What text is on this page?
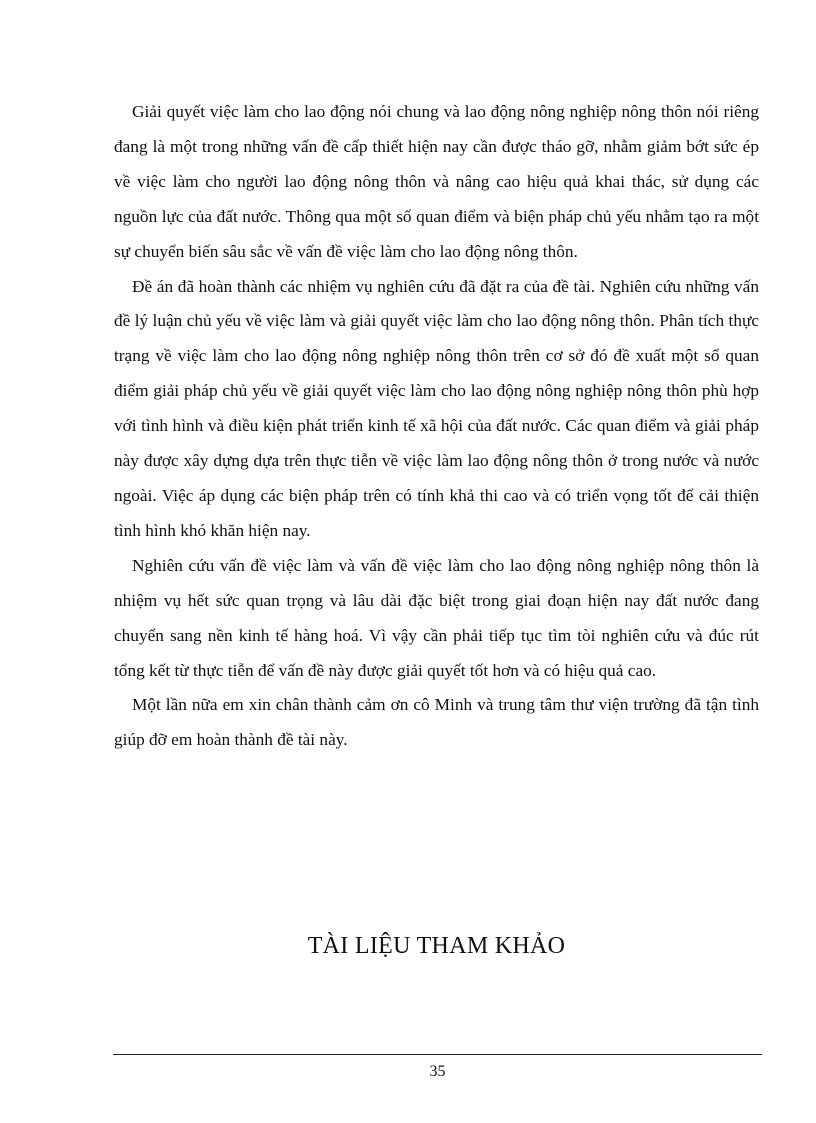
Giải quyết việc làm cho lao động nói chung và lao động nông nghiệp nông thôn nói riêng đang là một trong những vấn đề cấp thiết hiện nay cần được tháo gỡ, nhằm giảm bớt sức ép về việc làm cho người lao động nông thôn và nâng cao hiệu quả khai thác, sử dụng các nguồn lực của đất nước. Thông qua một số quan điểm và biện pháp chủ yếu nhằm tạo ra một sự chuyển biến sâu sắc về vấn đề việc làm cho lao động nông thôn.

Đề án đã hoàn thành các nhiệm vụ nghiên cứu đã đặt ra của đề tài. Nghiên cứu những vấn đề lý luận chủ yếu về việc làm và giải quyết việc làm cho lao động nông thôn. Phân tích thực trạng về việc làm cho lao động nông nghiệp nông thôn trên cơ sở đó đề xuất một số quan điểm giải pháp chủ yếu về giải quyết việc làm cho lao động nông nghiệp nông thôn phù hợp với tình hình và điều kiện phát triển kinh tế xã hội của đất nước. Các quan điểm và giải pháp này được xây dựng dựa trên thực tiễn về việc làm lao động nông thôn ở trong nước và nước ngoài. Việc áp dụng các biện pháp trên có tính khả thi cao và có triển vọng tốt để cải thiện tình hình khó khăn hiện nay.

Nghiên cứu vấn đề việc làm và vấn đề việc làm cho lao động nông nghiệp nông thôn là nhiệm vụ hết sức quan trọng và lâu dài đặc biệt trong giai đoạn hiện nay đất nước đang chuyển sang nền kinh tế hàng hoá. Vì vậy cần phải tiếp tục tìm tòi nghiên cứu và đúc rút tổng kết từ thực tiễn để vấn đề này được giải quyết tốt hơn và có hiệu quả cao.

Một lần nữa em xin chân thành cảm ơn cô Minh và trung tâm thư viện trường đã tận tình giúp đỡ em hoàn thành đề tài này.

TÀI LIỆU THAM KHẢO
35
